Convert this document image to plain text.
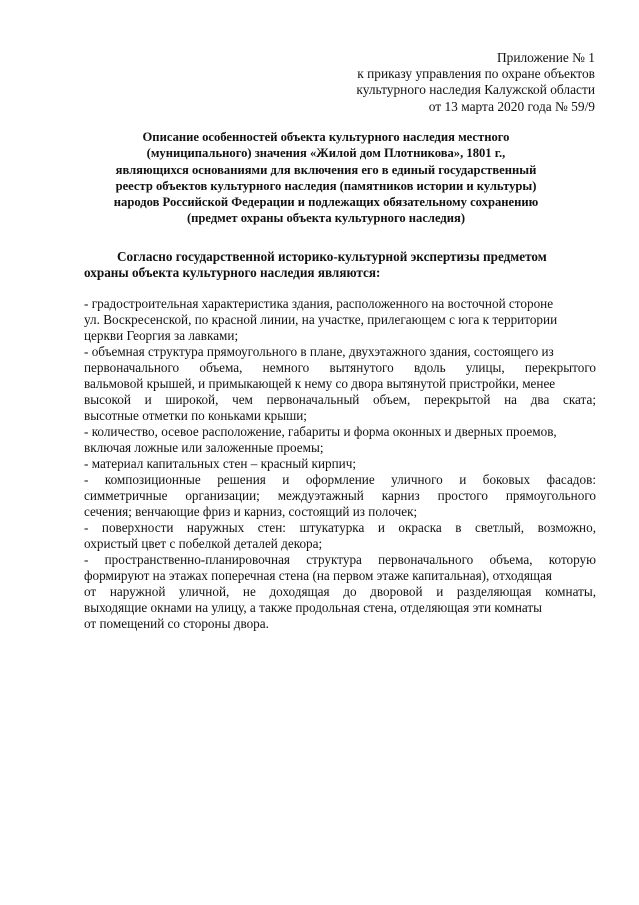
Приложение № 1
к приказу управления по охране объектов
культурного наследия Калужской области
от 13 марта 2020 года № 59/9
Описание особенностей объекта культурного наследия местного
(муниципального) значения «Жилой дом Плотникова», 1801 г.,
являющихся основаниями для включения его в единый государственный
реестр объектов культурного наследия (памятников истории и культуры)
народов Российской Федерации и подлежащих обязательному сохранению
(предмет охраны объекта культурного наследия)
Согласно государственной историко-культурной экспертизы предметом
охраны объекта культурного наследия являются:
- градостроительная характеристика здания, расположенного на восточной стороне
ул. Воскресенской, по красной линии, на участке, прилегающем с юга к территории
церкви Георгия за лавками;
- объемная структура прямоугольного в плане, двухэтажного здания, состоящего из
первоначального объема, немного вытянутого вдоль улицы, перекрытого
вальмовой крышей, и примыкающей к нему со двора вытянутой пристройки, менее
высокой и широкой, чем первоначальный объем, перекрытой на два ската;
высотные отметки по коньками крыши;
- количество, осевое расположение, габариты и форма оконных и дверных проемов,
включая ложные или заложенные проемы;
- материал капитальных стен – красный кирпич;
- композиционные решения и оформление уличного и боковых фасадов:
симметричные организации; междуэтажный карниз простого прямоугольного
сечения; венчающие фриз и карниз, состоящий из полочек;
- поверхности наружных стен: штукатурка и окраска в светлый, возможно,
охристый цвет с побелкой деталей декора;
- пространственно-планировочная структура первоначального объема, которую
формируют на этажах поперечная стена (на первом этаже капитальная), отходящая
от наружной уличной, не доходящая до дворовой и разделяющая комнаты,
выходящие окнами на улицу, а также продольная стена, отделяющая эти комнаты
от помещений со стороны двора.
